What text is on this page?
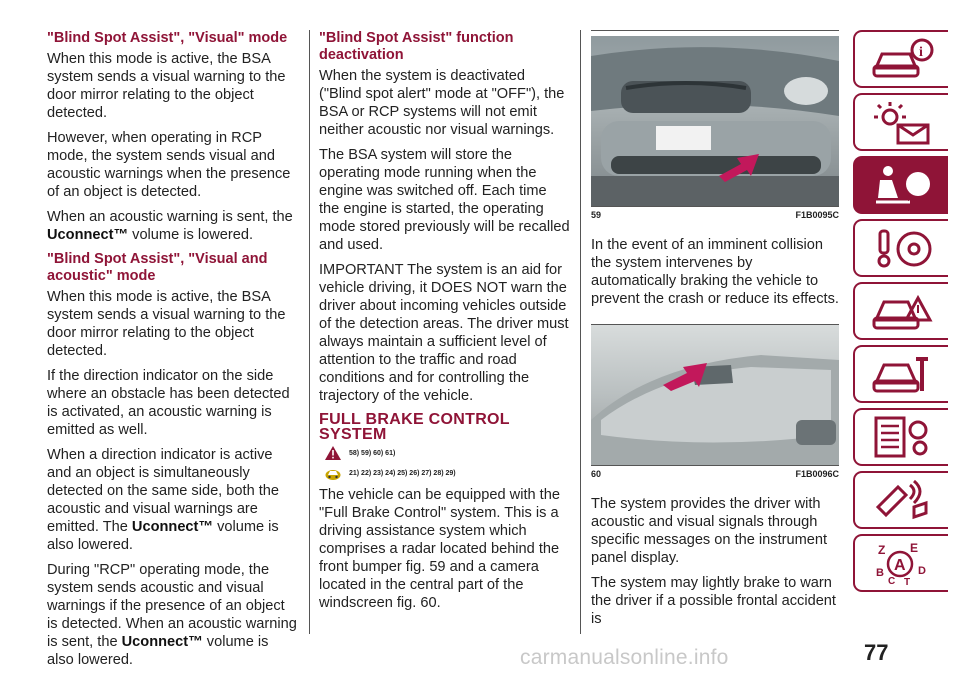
"Blind Spot Assist", "Visual" mode

When this mode is active, the BSA system sends a visual warning to the door mirror relating to the object detected.

However, when operating in RCP mode, the system sends visual and acoustic warnings when the presence of an object is detected.

When an acoustic warning is sent, the Uconnect™ volume is lowered.

"Blind Spot Assist", "Visual and acoustic" mode

When this mode is active, the BSA system sends a visual warning to the door mirror relating to the object detected.

If the direction indicator on the side where an obstacle has been detected is activated, an acoustic warning is emitted as well.

When a direction indicator is active and an object is simultaneously detected on the same side, both the acoustic and visual warnings are emitted. The Uconnect™ volume is also lowered.

During "RCP" operating mode, the system sends acoustic and visual warnings if the presence of an object is detected. When an acoustic warning is sent, the Uconnect™ volume is also lowered.

"Blind Spot Assist" function deactivation

When the system is deactivated ("Blind spot alert" mode at "OFF"), the BSA or RCP systems will not emit neither acoustic nor visual warnings.

The BSA system will store the operating mode running when the engine was switched off. Each time the engine is started, the operating mode stored previously will be recalled and used.

IMPORTANT The system is an aid for vehicle driving, it DOES NOT warn the driver about incoming vehicles outside of the detection areas. The driver must always maintain a sufficient level of attention to the traffic and road conditions and for controlling the trajectory of the vehicle.

FULL BRAKE CONTROL SYSTEM
58) 59) 60) 61)
21) 22) 23) 24) 25) 26) 27) 28) 29)

The vehicle can be equipped with the "Full Brake Control" system. This is a driving assistance system which comprises a radar located behind the front bumper fig. 59 and a camera located in the central part of the windscreen fig. 60.

59	F1B0095C

In the event of an imminent collision the system intervenes by automatically braking the vehicle to prevent the crash or reduce its effects.

60	F1B0096C

The system provides the driver with acoustic and visual signals through specific messages on the instrument panel display.

The system may lightly brake to warn the driver if a possible frontal accident is

i
Z E
A
B	D
C T
77
carmanualsonline.info
